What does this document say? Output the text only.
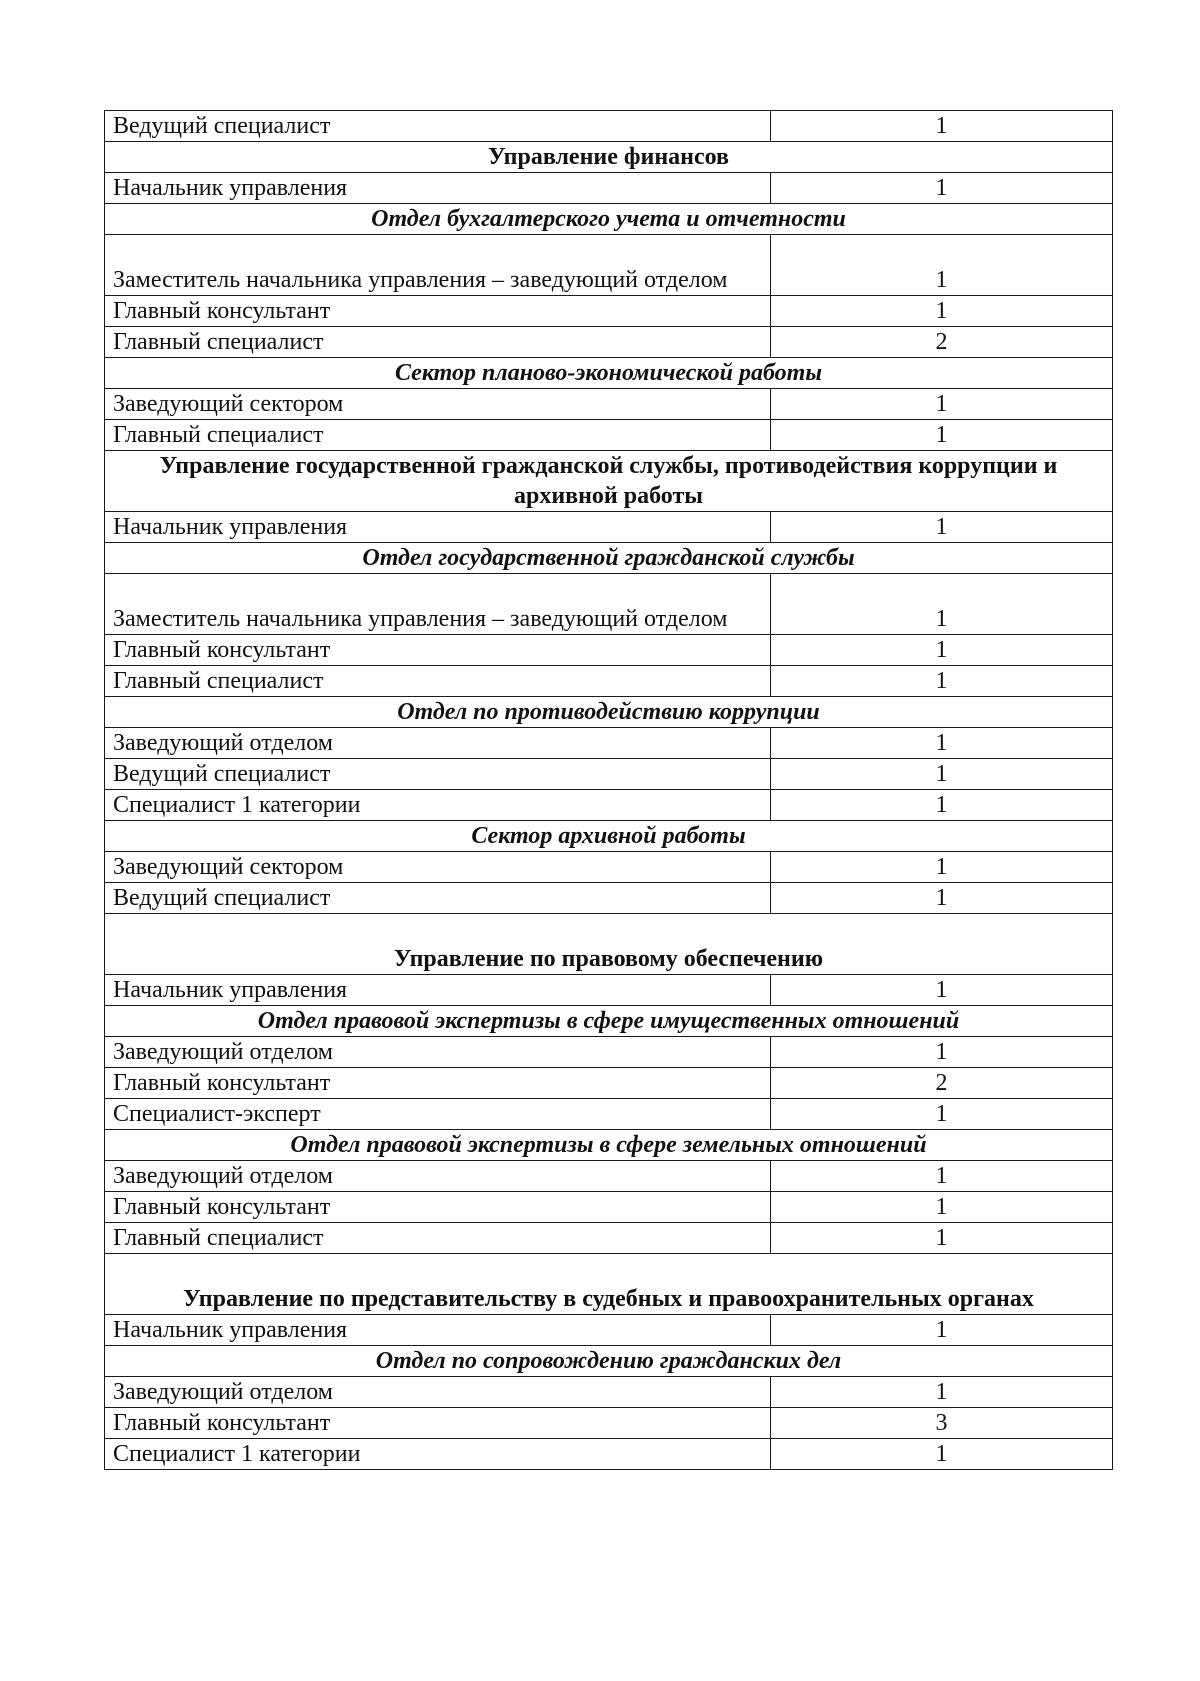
Ведущий специалист	1
Управление финансов	
Начальник управления	1
Отдел бухгалтерского учета и отчетности	
Заместитель начальника управления – заведующий отделом	1
Главный консультант	1
Главный специалист	2
Сектор планово-экономической работы	
Заведующий сектором	1
Главный специалист	1
Управление государственной гражданской службы, противодействия коррупции и архивной работы	
Начальник управления	1
Отдел государственной гражданской службы	
Заместитель начальника управления – заведующий отделом	1
Главный консультант	1
Главный специалист	1
Отдел по противодействию коррупции	
Заведующий отделом	1
Ведущий специалист	1
Специалист 1 категории	1
Сектор архивной работы	
Заведующий сектором	1
Ведущий специалист	1
Управление по правовому обеспечению	
Начальник управления	1
Отдел правовой экспертизы в сфере имущественных отношений	
Заведующий отделом	1
Главный консультант	2
Специалист-эксперт	1
Отдел правовой экспертизы в сфере земельных отношений	
Заведующий отделом	1
Главный консультант	1
Главный специалист	1
Управление по представительству в судебных и правоохранительных органах	
Начальник управления	1
Отдел по сопровождению гражданских дел	
Заведующий отделом	1
Главный консультант	3
Специалист 1 категории	1
